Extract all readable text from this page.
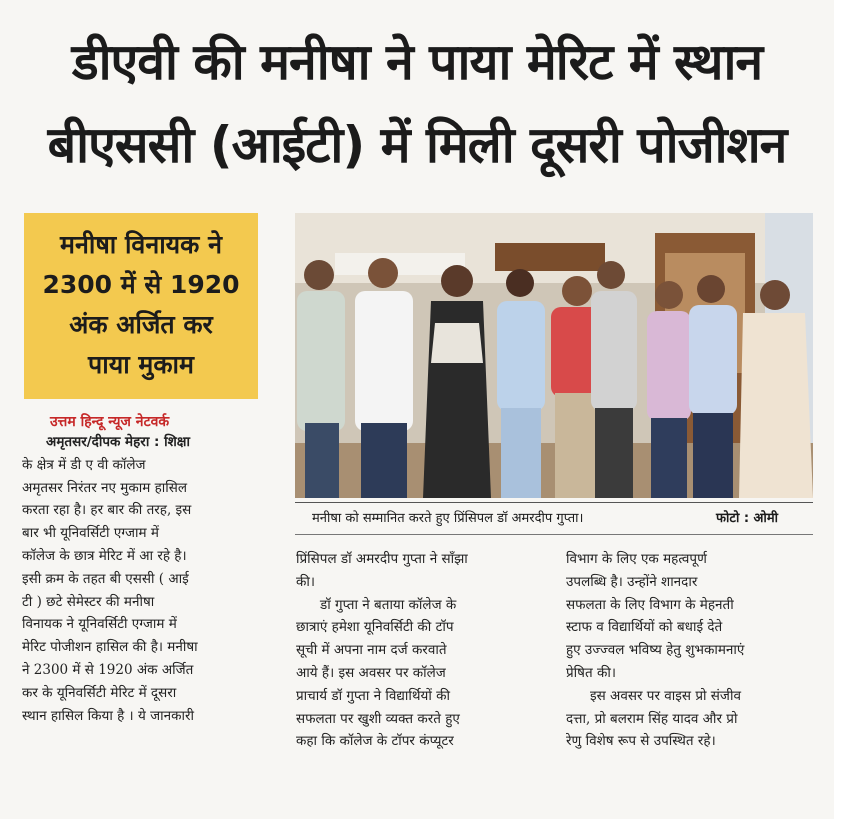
डीएवी की मनीषा ने पाया मेरिट में स्थान
बीएससी (आईटी) में मिली दूसरी पोजीशन
मनीषा विनायक ने
2300 में से 1920
अंक अर्जित कर
पाया मुकाम
उत्तम हिन्दू न्यूज नेटवर्क
अमृतसर/दीपक मेहरा : शिक्षा
के क्षेत्र में डी ए वी कॉलेज
अमृतसर निरंतर नए मुकाम हासिल
करता रहा है। हर बार की तरह, इस
बार भी यूनिवर्सिटी एग्जाम में
कॉलेज के छात्र मेरिट में आ रहे है।
इसी क्रम के तहत बी एससी ( आई
टी ) छटे सेमेस्टर की मनीषा
विनायक ने यूनिवर्सिटी एग्जाम में
मेरिट पोजीशन हासिल की है। मनीषा
ने 2300 में से 1920 अंक अर्जित
कर के यूनिवर्सिटी मेरिट में दूसरा
स्थान हासिल किया है । ये जानकारी
मनीषा को सम्मानित करते हुए प्रिंसिपल डॉ अमरदीप गुप्ता।	फोटो : ओमी
प्रिंसिपल डॉ अमरदीप गुप्ता ने साँझा
की।
डॉ गुप्ता ने बताया कॉलेज के
छात्राएं हमेशा यूनिवर्सिटी की टॉप
सूची में अपना नाम दर्ज करवाते
आये हैं। इस अवसर पर कॉलेज
प्राचार्य डॉ गुप्ता ने विद्यार्थियों की
सफलता पर खुशी व्यक्त करते हुए
कहा कि कॉलेज के टॉपर कंप्यूटर
विभाग के लिए एक महत्वपूर्ण
उपलब्धि है। उन्होंने शानदार
सफलता के लिए विभाग के मेहनती
स्टाफ व विद्यार्थियों को बधाई देते
हुए उज्ज्वल भविष्य हेतु शुभकामनाएं
प्रेषित की।
इस अवसर पर वाइस प्रो संजीव
दत्ता, प्रो बलराम सिंह यादव और प्रो
रेणु विशेष रूप से उपस्थित रहे।
